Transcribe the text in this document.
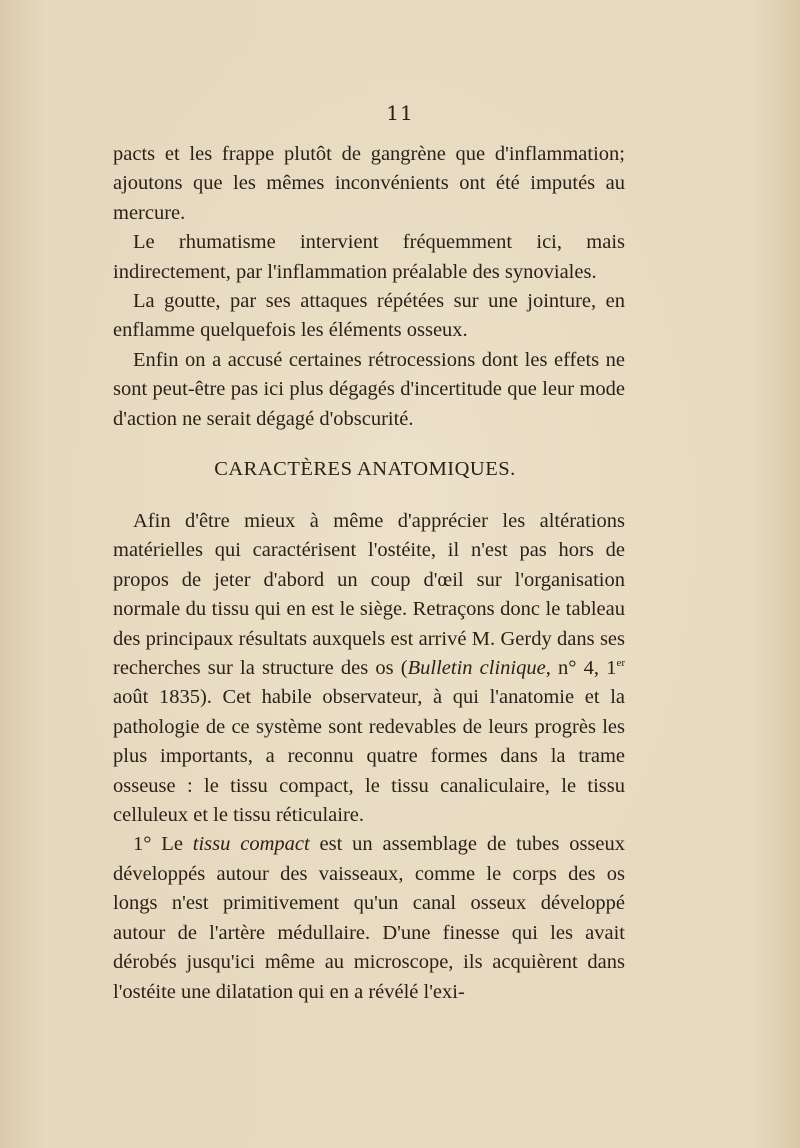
11

pacts et les frappe plutôt de gangrène que d'inflammation; ajoutons que les mêmes inconvénients ont été imputés au mercure.

Le rhumatisme intervient fréquemment ici, mais indirectement, par l'inflammation préalable des synoviales.

La goutte, par ses attaques répétées sur une jointure, en enflamme quelquefois les éléments osseux.

Enfin on a accusé certaines rétrocessions dont les effets ne sont peut-être pas ici plus dégagés d'incertitude que leur mode d'action ne serait dégagé d'obscurité.

CARACTÈRES ANATOMIQUES.

Afin d'être mieux à même d'apprécier les altérations matérielles qui caractérisent l'ostéite, il n'est pas hors de propos de jeter d'abord un coup d'œil sur l'organisation normale du tissu qui en est le siège. Retraçons donc le tableau des principaux résultats auxquels est arrivé M. Gerdy dans ses recherches sur la structure des os (Bulletin clinique, n° 4, 1er août 1835). Cet habile observateur, à qui l'anatomie et la pathologie de ce système sont redevables de leurs progrès les plus importants, a reconnu quatre formes dans la trame osseuse : le tissu compact, le tissu canaliculaire, le tissu celluleux et le tissu réticulaire.

1° Le tissu compact est un assemblage de tubes osseux développés autour des vaisseaux, comme le corps des os longs n'est primitivement qu'un canal osseux développé autour de l'artère médullaire. D'une finesse qui les avait dérobés jusqu'ici même au microscope, ils acquièrent dans l'ostéite une dilatation qui en a révélé l'exi-
